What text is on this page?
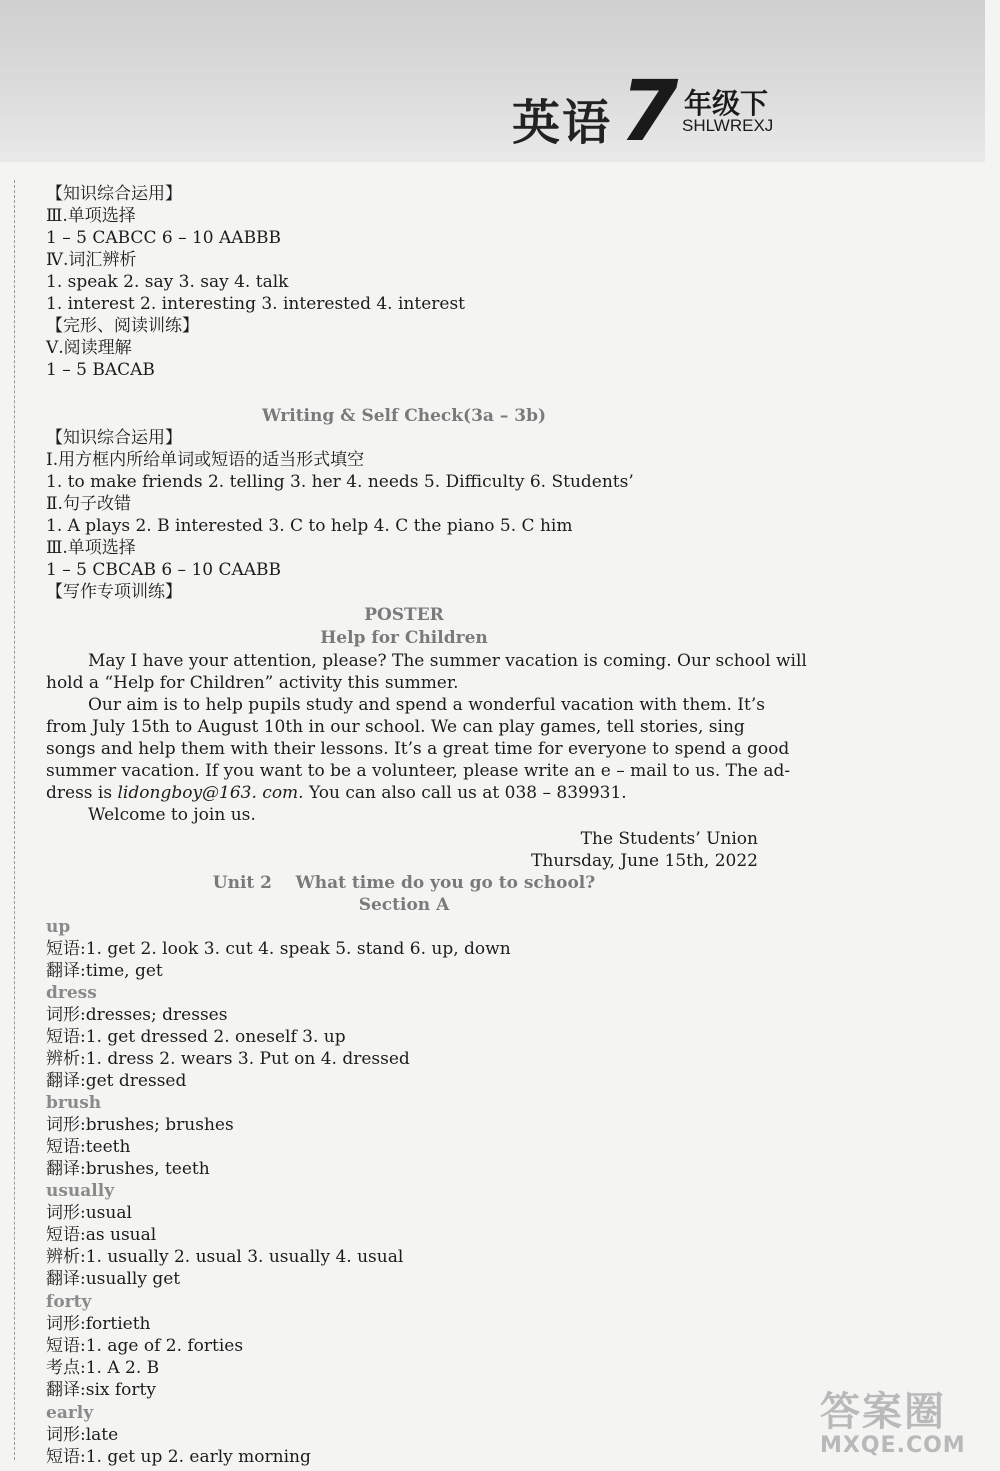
英语 7 年级下
SHLWREXJ
【知识综合运用】
Ⅲ.单项选择
1 – 5 CABCC 6 – 10 AABBB
Ⅳ.词汇辨析
1. speak 2. say 3. say 4. talk
1. interest 2. interesting 3. interested 4. interest
【完形、阅读训练】
Ⅴ.阅读理解
1 – 5 BACAB
Writing & Self Check(3a – 3b)
【知识综合运用】
Ⅰ.用方框内所给单词或短语的适当形式填空
1. to make friends 2. telling 3. her 4. needs 5. Difficulty 6. Students’
Ⅱ.句子改错
1. A plays 2. B interested 3. C to help 4. C the piano 5. C him
Ⅲ.单项选择
1 – 5 CBCAB 6 – 10 CAABB
【写作专项训练】
POSTER
Help for Children
May I have your attention, please? The summer vacation is coming. Our school will
hold a “Help for Children” activity this summer.
Our aim is to help pupils study and spend a wonderful vacation with them. It’s
from July 15th to August 10th in our school. We can play games, tell stories, sing
songs and help them with their lessons. It’s a great time for everyone to spend a good
summer vacation. If you want to be a volunteer, please write an e – mail to us. The ad-
dress is lidongboy@163. com. You can also call us at 038 – 839931.
Welcome to join us.
The Students’ Union
Thursday, June 15th, 2022
Unit 2    What time do you go to school?
Section A
up
短语:1. get 2. look 3. cut 4. speak 5. stand 6. up, down
翻译:time, get
dress
词形:dresses; dresses
短语:1. get dressed 2. oneself 3. up
辨析:1. dress 2. wears 3. Put on 4. dressed
翻译:get dressed
brush
词形:brushes; brushes
短语:teeth
翻译:brushes, teeth
usually
词形:usual
短语:as usual
辨析:1. usually 2. usual 3. usually 4. usual
翻译:usually get
forty
词形:fortieth
短语:1. age of 2. forties
考点:1. A 2. B
翻译:six forty
early
词形:late
短语:1. get up 2. early morning
答案圈
MXQE.COM
